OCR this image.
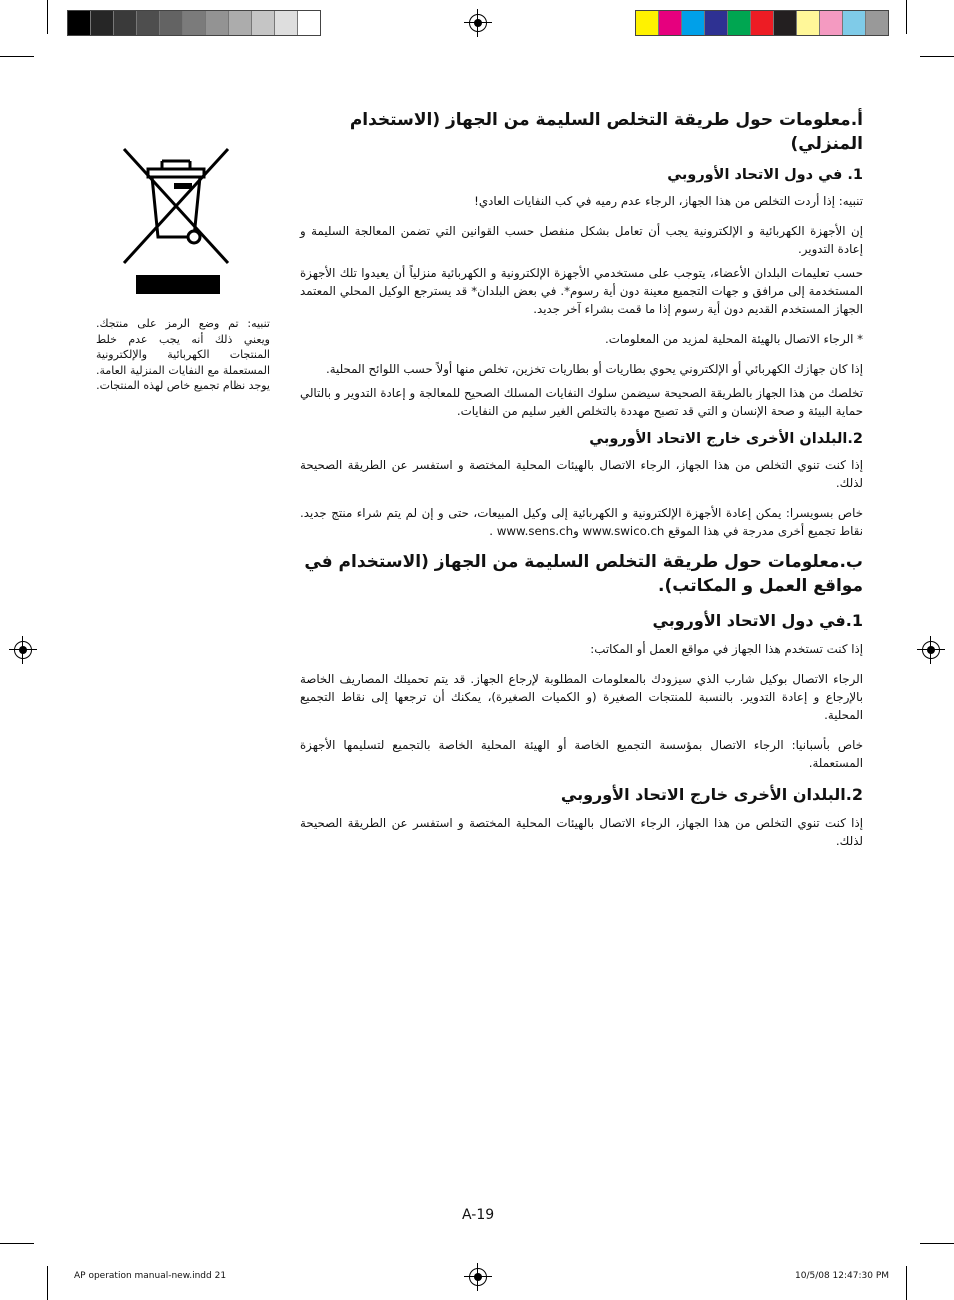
تنبيه: تم وضع الرمز على منتجك. ويعني ذلك أنه يجب عدم خلط المنتجات الكهربائية والإلكترونية المستعملة مع النفايات المنزلية العامة. يوجد نظام تجميع خاص لهذه المنتجات.
أ.معلومات حول طريقة التخلص السليمة من الجهاز (الاستخدام المنزلي)
1. في دول الاتحاد الأوروبي
تنبيه: إذا أردت التخلص من هذا الجهاز، الرجاء عدم رميه في كب النفايات العادي!
إن الأجهزة الكهربائية و الإلكترونية يجب أن تعامل بشكل منفصل حسب القوانين التي تضمن المعالجة السليمة و إعادة التدوير.
حسب تعليمات البلدان الأعضاء، يتوجب على مستخدمي الأجهزة الإلكترونية و الكهربائية منزلياً أن يعيدوا تلك الأجهزة المستخدمة إلى مرافق و جهات التجميع معينة دون أية رسوم*. في بعض البلدان* قد يسترجع الوكيل المحلي المعتمد الجهاز المستخدم القديم دون أية رسوم إذا ما قمت بشراء آخر جديد.
* الرجاء الاتصال بالهيئة المحلية لمزيد من المعلومات.
إذا كان جهازك الكهربائي أو الإلكتروني يحوي بطاريات أو بطاريات تخزين، تخلص منها أولاً حسب اللوائح المحلية.
تخلصك من هذا الجهاز بالطريقة الصحيحة سيضمن سلوك النفايات المسلك الصحيح للمعالجة و إعادة التدوير و بالتالي حماية البيئة و صحة الإنسان و التي قد تصبح مهددة بالتخلص الغير سليم من النفايات.
2.البلدان الأخرى خارج الاتحاد الأوروبي
إذا كنت تنوي التخلص من هذا الجهاز، الرجاء الاتصال بالهيئات المحلية المختصة و استفسر عن الطريقة الصحيحة لذلك.
خاص بسويسرا: يمكن إعادة الأجهزة الإلكترونية و الكهربائية إلى وكيل المبيعات، حتى و إن لم يتم شراء منتج جديد. نقاط تجميع أخرى مدرجة في هذا الموقع www.swico.ch وwww.sens.ch .
ب.معلومات حول طريقة التخلص السليمة من الجهاز (الاستخدام في مواقع العمل و المكاتب).
1.في دول الاتحاد الأوروبي
إذا كنت تستخدم هذا الجهاز في مواقع العمل أو المكاتب:
الرجاء الاتصال بوكيل شارب الذي سيزودك بالمعلومات المطلوبة لإرجاع الجهاز. قد يتم تحميلك المصاريف الخاصة بالإرجاع و إعادة التدوير. بالنسبة للمنتجات الصغيرة (و الكميات الصغيرة)، يمكنك أن ترجعها إلى نقاط التجميع المحلية.
خاص بأسبانيا: الرجاء الاتصال بمؤسسة التجميع الخاصة أو الهيئة المحلية الخاصة بالتجميع لتسليمها الأجهزة المستعملة.
2.البلدان الأخرى خارج الاتحاد الأوروبي
إذا كنت تنوي التخلص من هذا الجهاز، الرجاء الاتصال بالهيئات المحلية المختصة و استفسر عن الطريقة الصحيحة لذلك.
A-19
AP operation manual-new.indd 21	10/5/08 12:47:30 PM
